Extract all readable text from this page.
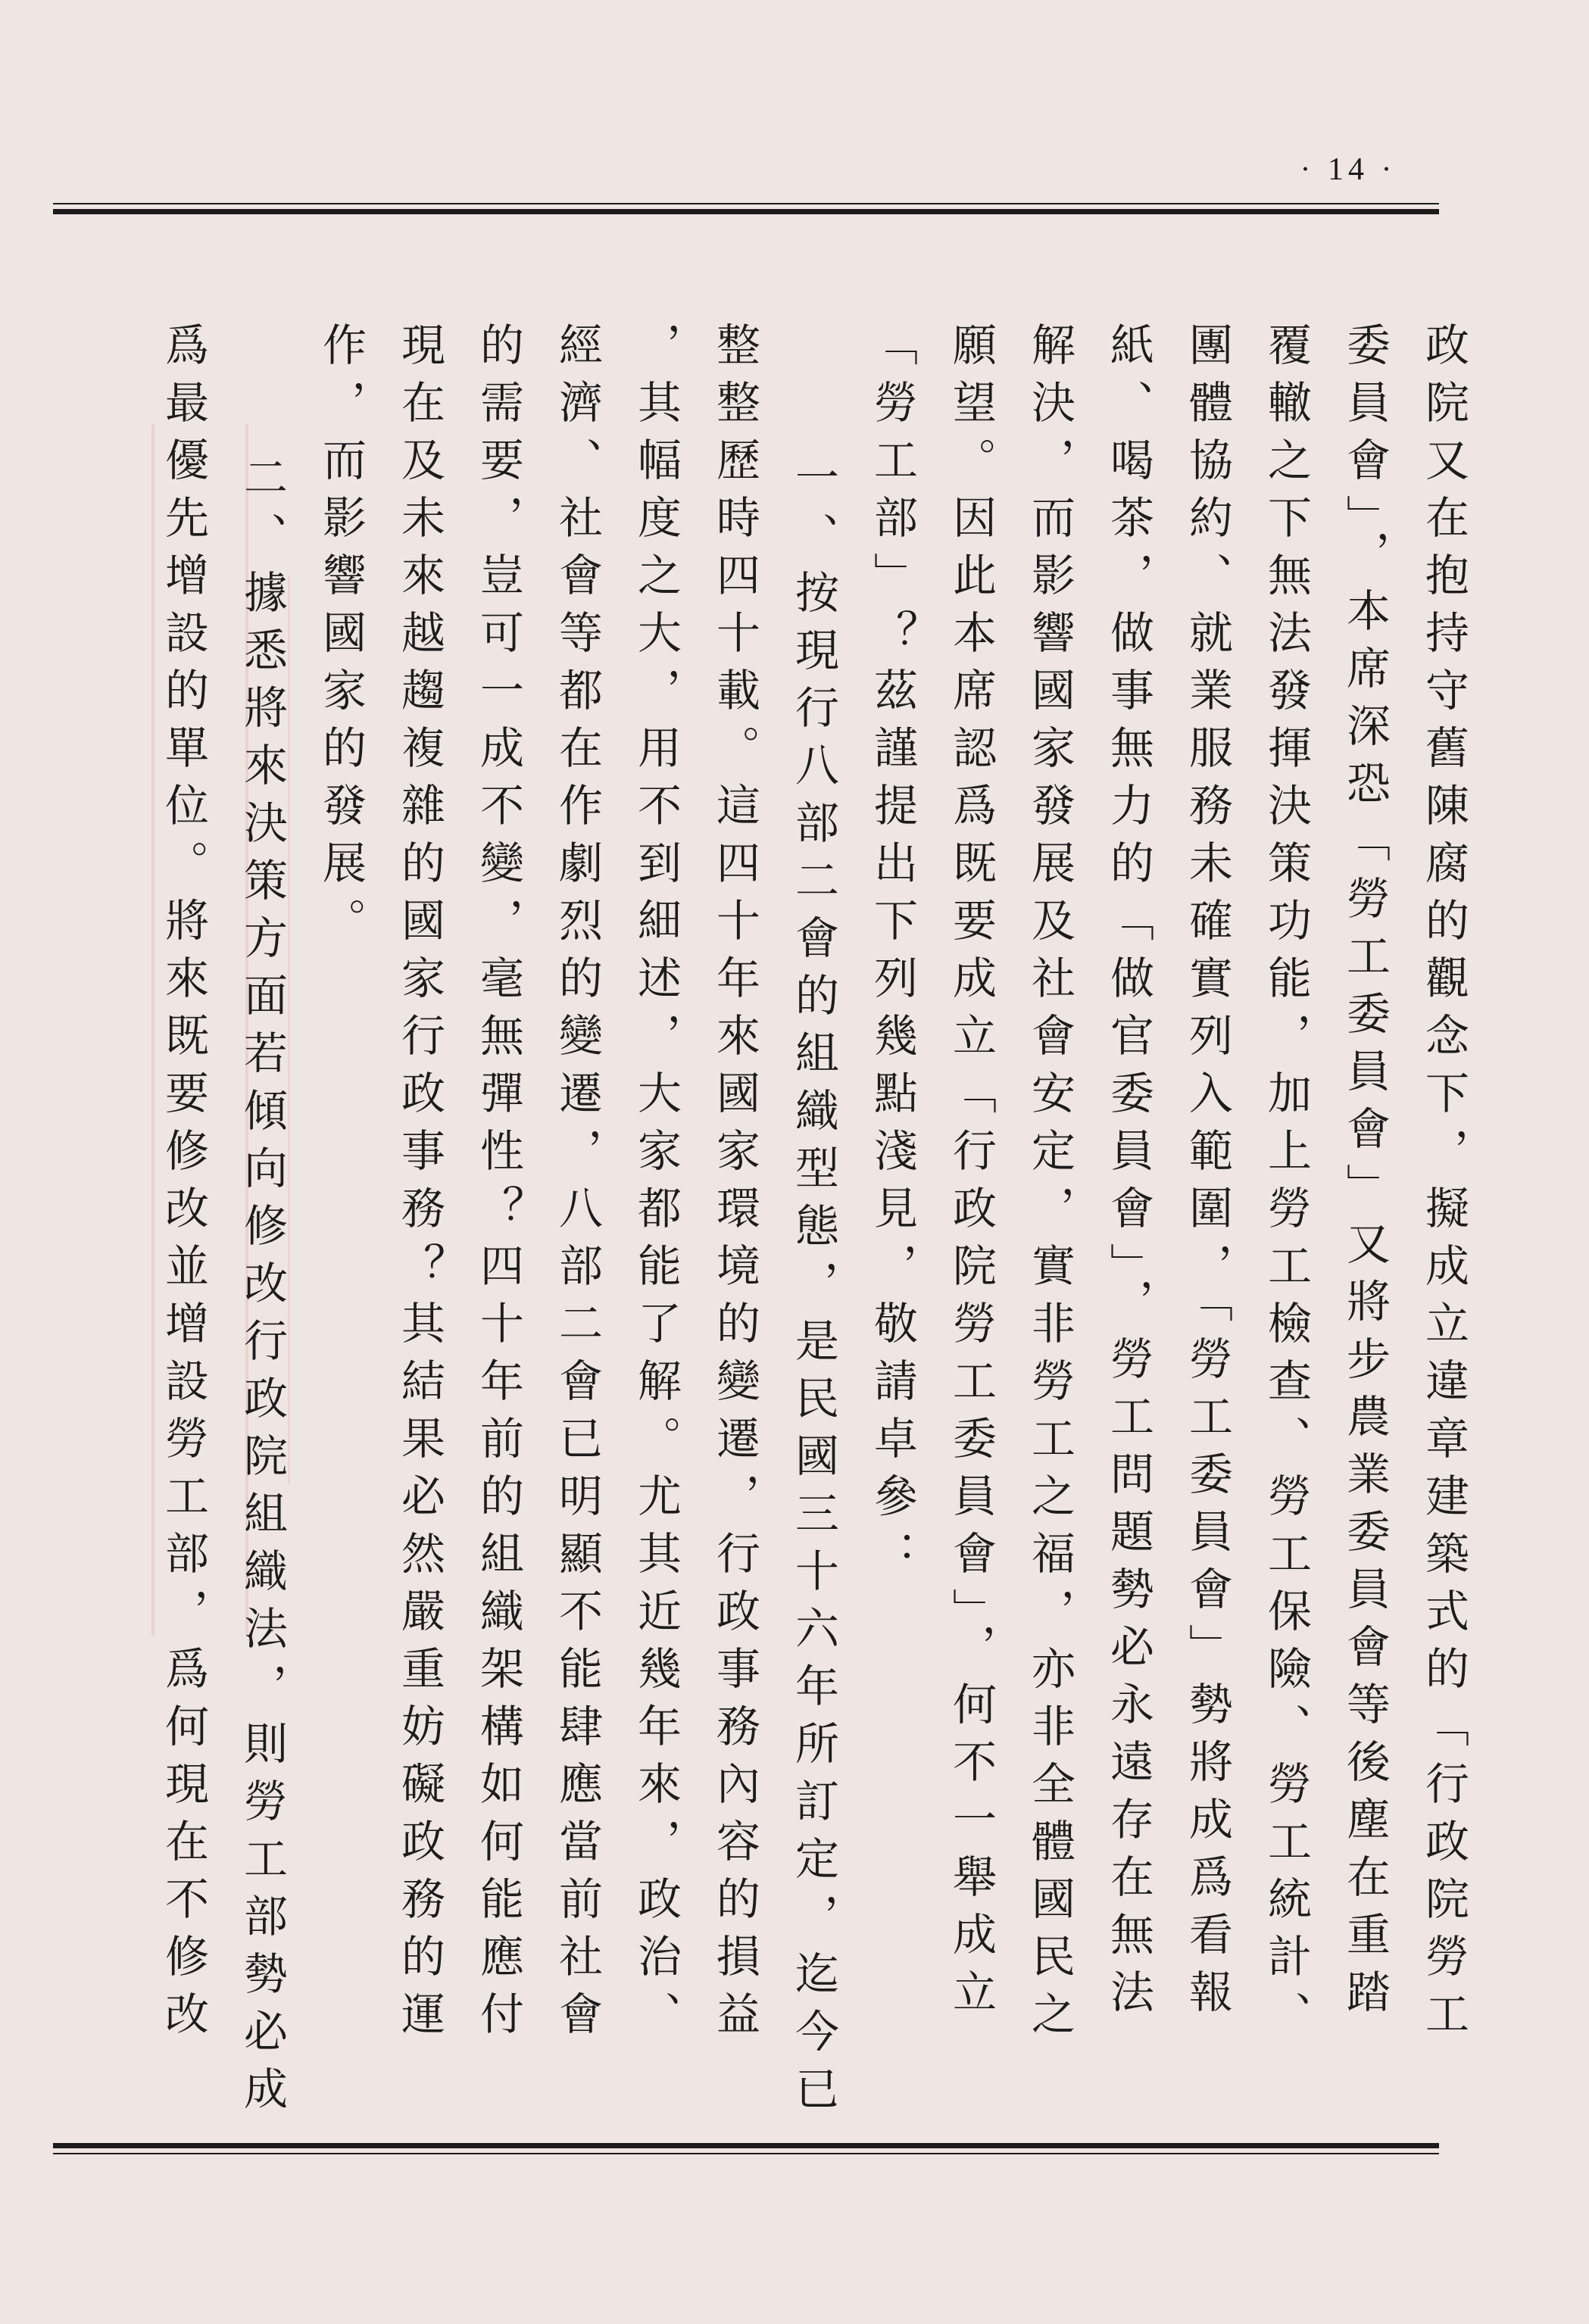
· 14 ·

政院又在抱持守舊陳腐的觀念下，擬成立違章建築式的「行政院勞工

委員會」，本席深恐「勞工委員會」又將步農業委員會等後塵在重踏

覆轍之下無法發揮決策功能，加上勞工檢查、勞工保險、勞工統計、

團體協約、就業服務未確實列入範圍，「勞工委員會」勢將成爲看報

紙、喝茶，做事無力的「做官委員會」，勞工問題勢必永遠存在無法

解決，而影響國家發展及社會安定，實非勞工之福，亦非全體國民之

願望。因此本席認爲既要成立「行政院勞工委員會」，何不一舉成立

「勞工部」？茲謹提出下列幾點淺見，敬請卓參：

一、按現行八部二會的組織型態，是民國三十六年所訂定，迄今已

整整歷時四十載。這四十年來國家環境的變遷，行政事務內容的損益

，其幅度之大，用不到細述，大家都能了解。尤其近幾年來，政治、

經濟、社會等都在作劇烈的變遷，八部二會已明顯不能肆應當前社會

的需要，豈可一成不變，毫無彈性？四十年前的組織架構如何能應付

現在及未來越趨複雜的國家行政事務？其結果必然嚴重妨礙政務的運

作，而影響國家的發展。

二、據悉將來決策方面若傾向修改行政院組織法，則勞工部勢必成

爲最優先增設的單位。將來既要修改並增設勞工部，爲何現在不修改
